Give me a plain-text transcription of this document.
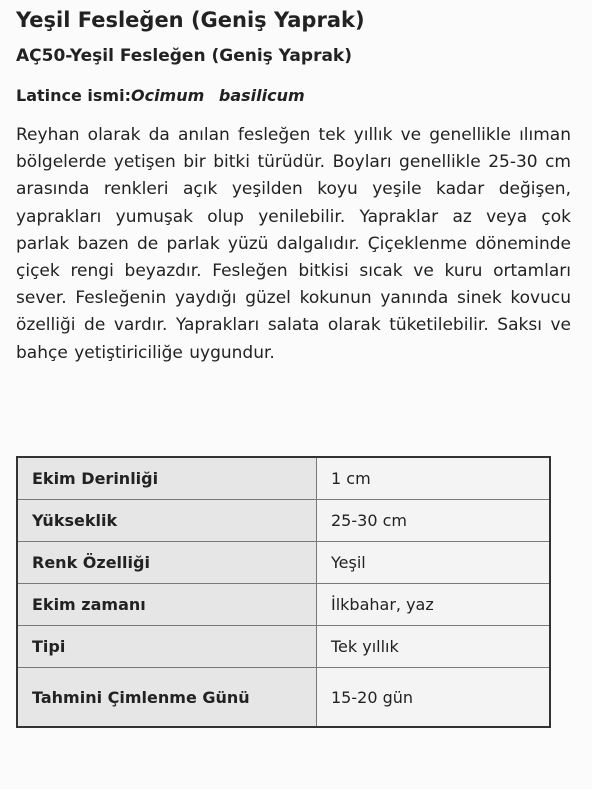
Yeşil Fesleğen (Geniş Yaprak)
AÇ50-Yeşil Fesleğen (Geniş Yaprak)

Latince ismi:Ocimum basilicum

Reyhan olarak da anılan fesleğen tek yıllık ve genellikle ılıman bölgelerde yetişen bir bitki türüdür. Boyları genellikle 25-30 cm arasında renkleri açık yeşilden koyu yeşile kadar değişen, yaprakları yumuşak olup yenilebilir. Yapraklar az veya çok parlak bazen de parlak yüzü dalgalıdır. Çiçeklenme döneminde çiçek rengi beyazdır. Fesleğen bitkisi sıcak ve kuru ortamları sever. Fesleğenin yaydığı güzel kokunun yanında sinek kovucu özelliği de vardır. Yaprakları salata olarak tüketilebilir. Saksı ve bahçe yetiştiriciliğe uygundur.

Ekim Derinliği	1 cm
Yükseklik	25-30 cm
Renk Özelliği	Yeşil
Ekim zamanı	İlkbahar, yaz
Tipi	Tek yıllık
Tahmini Çimlenme Günü	15-20 gün
